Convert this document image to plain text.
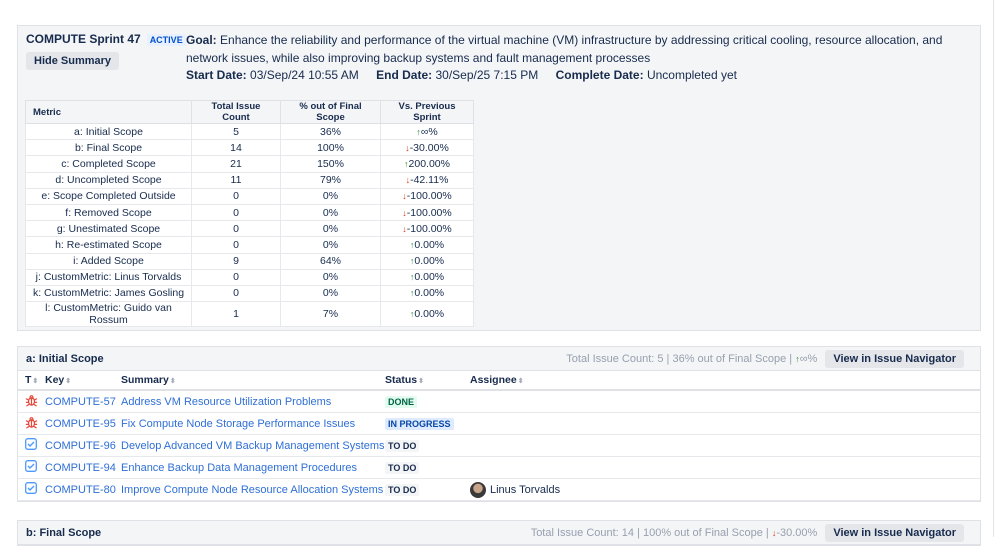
COMPUTE Sprint 47 ACTIVE
Hide Summary
Goal: Enhance the reliability and performance of the virtual machine (VM) infrastructure by addressing critical cooling, resource allocation, and network issues, while also improving backup systems and fault management processes
Start Date: 03/Sep/24 10:55 AM End Date: 30/Sep/25 7:15 PM Complete Date: Uncompleted yet
Metric	Total Issue Count	% out of Final Scope	Vs. Previous Sprint
a: Initial Scope	5	36%	↑∞%
b: Final Scope	14	100%	↓-30.00%
c: Completed Scope	21	150%	↑200.00%
d: Uncompleted Scope	11	79%	↓-42.11%
e: Scope Completed Outside	0	0%	↓-100.00%
f: Removed Scope	0	0%	↓-100.00%
g: Unestimated Scope	0	0%	↓-100.00%
h: Re-estimated Scope	0	0%	↑0.00%
i: Added Scope	9	64%	↑0.00%
j: CustomMetric: Linus Torvalds	0	0%	↑0.00%
k: CustomMetric: James Gosling	0	0%	↑0.00%
l: CustomMetric: Guido van Rossum	1	7%	↑0.00%
a: Initial Scope	Total Issue Count: 5 | 36% out of Final Scope | ↑∞%	View in Issue Navigator
T⬍ Key⬍	Summary⬍	Status⬍	Assignee⬍
COMPUTE-57 Address VM Resource Utilization Problems	DONE
COMPUTE-95 Fix Compute Node Storage Performance Issues	IN PROGRESS
COMPUTE-96 Develop Advanced VM Backup Management Systems TO DO
COMPUTE-94 Enhance Backup Data Management Procedures	TO DO
COMPUTE-80 Improve Compute Node Resource Allocation Systems TO DO	Linus Torvalds
b: Final Scope	Total Issue Count: 14 | 100% out of Final Scope | ↓-30.00%	View in Issue Navigator
